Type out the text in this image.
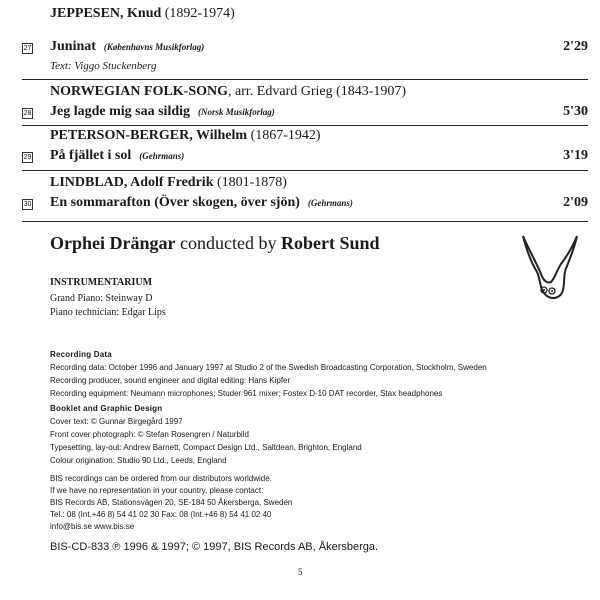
JEPPESEN, Knud (1892-1974)
27 Juninat (Københavns Musikforlag)	2'29
Text: Viggo Stuckenberg
NORWEGIAN FOLK-SONG, arr. Edvard Grieg (1843-1907)
28 Jeg lagde mig saa sildig (Norsk Musikforlag)	5'30
PETERSON-BERGER, Wilhelm (1867-1942)
29 På fjället i sol (Gehrmans)	3'19
LINDBLAD, Adolf Fredrik (1801-1878)
30 En sommarafton (Över skogen, över sjön) (Gehrmans)	2'09
Orphei Drängar conducted by Robert Sund
INSTRUMENTARIUM
Grand Piano: Steinway D
Piano technician: Edgar Lips
Recording Data
Recording data: October 1996 and January 1997 at Studio 2 of the Swedish Broadcasting Corporation, Stockholm, Sweden
Recording producer, sound engineer and digital editing: Hans Kipfer
Recording equipment: Neumann microphones; Studer 961 mixer; Fostex D-10 DAT recorder, Stax headphones
Booklet and Graphic Design
Cover text: © Gunnar Birgegård 1997
Front cover photograph: © Stefan Rosengren / Naturbild
Typesetting, lay-out: Andrew Barnett, Compact Design Ltd., Saltdean, Brighton, England
Colour origination: Studio 90 Ltd., Leeds, England
BIS recordings can be ordered from our distributors worldwide.
If we have no representation in your country, please contact:
BIS Records AB, Stationsvägen 20, SE-184 50 Åkersberga, Sweden
Tel.: 08 (Int.+46 8) 54 41 02 30 Fax: 08 (Int.+46 8) 54 41 02 40
info@bis.se www.bis.se
BIS-CD-833 ℗ 1996 & 1997; © 1997, BIS Records AB, Åkersberga.
5
